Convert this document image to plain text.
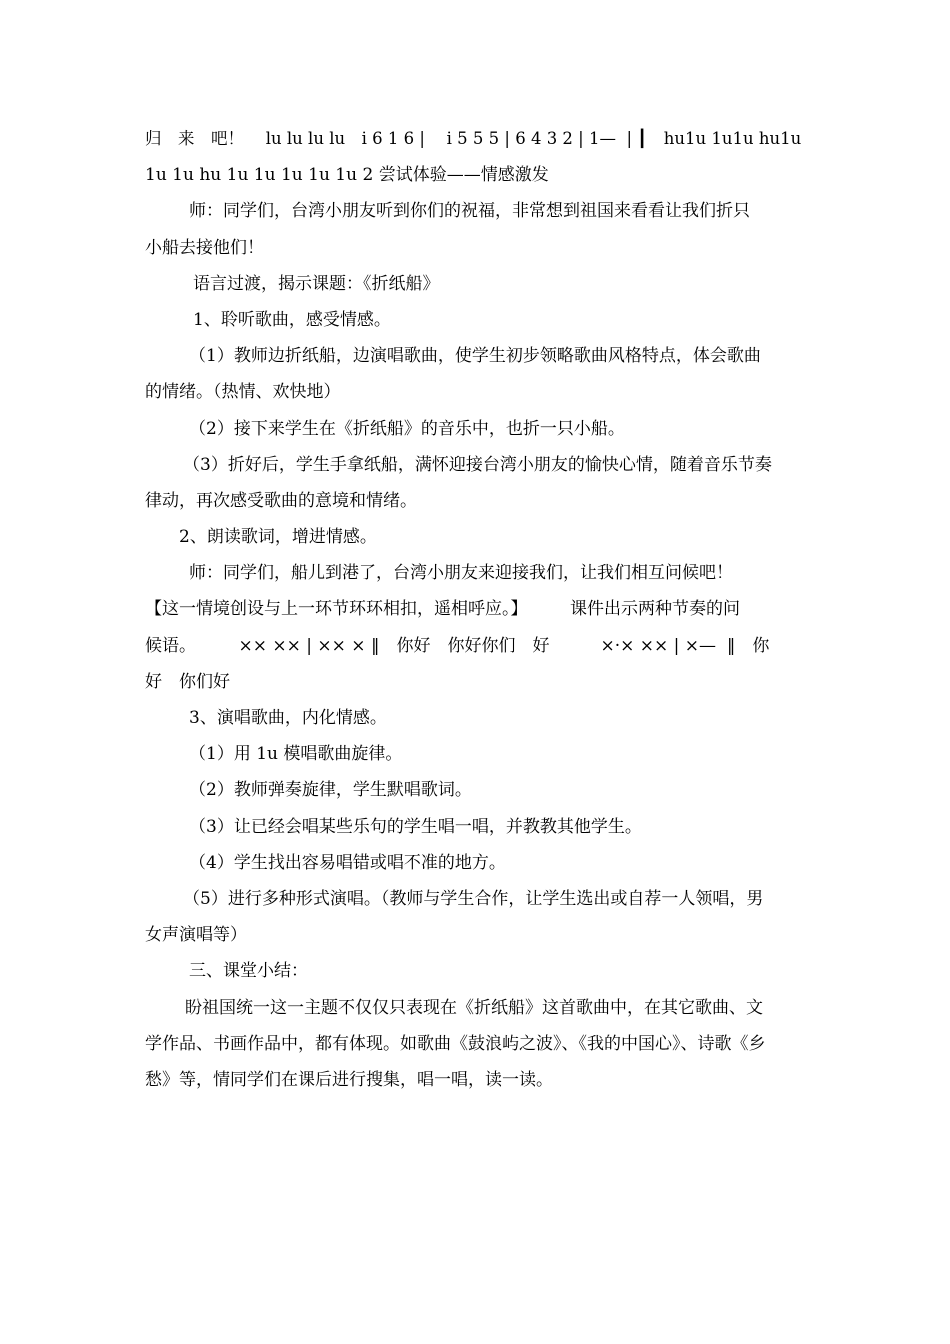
归　来　吧！　 lu lu lu lu　i 6 1 6 |　 i 5 5 5 | 6 4 3 2 | 1—  | ┃　hu1u 1u1u hu1u
1u 1u hu 1u 1u 1u 1u 1u 2 尝试体验——情感激发
师：同学们，台湾小朋友听到你们的祝福，非常想到祖国来看看让我们折只
小船去接他们！
语言过渡，揭示课题：《折纸船》
1、聆听歌曲，感受情感。
（1）教师边折纸船，边演唱歌曲，使学生初步领略歌曲风格特点，体会歌曲
的情绪。（热情、欢快地）
（2）接下来学生在《折纸船》的音乐中，也折一只小船。
（3）折好后，学生手拿纸船，满怀迎接台湾小朋友的愉快心情，随着音乐节奏
律动，再次感受歌曲的意境和情绪。
2、朗读歌词，增进情感。
师：同学们，船儿到港了，台湾小朋友来迎接我们，让我们相互问候吧！
【这一情境创设与上一环节环环相扣，遥相呼应。】　　　课件出示两种节奏的问
候语。　　　×× ×× | ×× × ‖　你好　你好你们　好　　　×·× ×× | ×—  ‖　你
好　你们好
3、演唱歌曲，内化情感。
（1）用 1u 模唱歌曲旋律。
（2）教师弹奏旋律，学生默唱歌词。
（3）让已经会唱某些乐句的学生唱一唱，并教教其他学生。
（4）学生找出容易唱错或唱不准的地方。
（5）进行多种形式演唱。（教师与学生合作，让学生选出或自荐一人领唱，男
女声演唱等）
三、课堂小结：
盼祖国统一这一主题不仅仅只表现在《折纸船》这首歌曲中，在其它歌曲、文
学作品、书画作品中，都有体现。如歌曲《鼓浪屿之波》、《我的中国心》、诗歌《乡
愁》等，情同学们在课后进行搜集，唱一唱，读一读。
